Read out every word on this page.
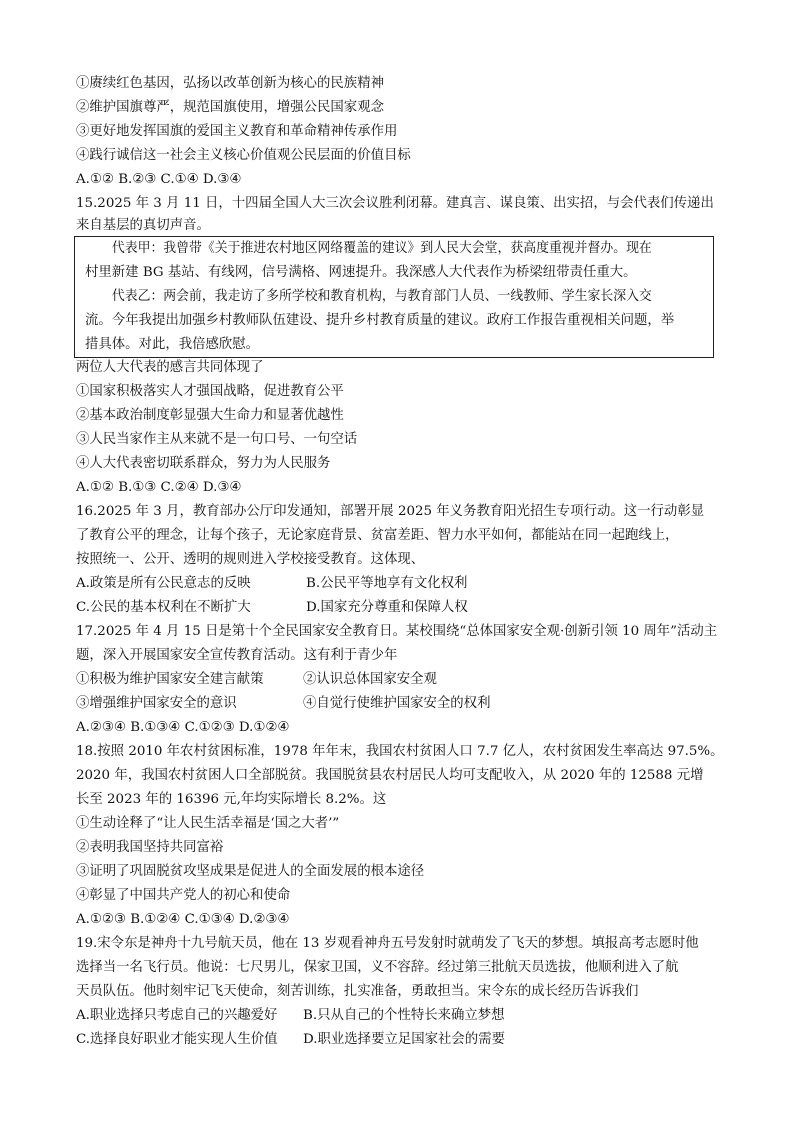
①赓续红色基因，弘扬以改革创新为核心的民族精神
②维护国旗尊严，规范国旗使用，增强公民国家观念
③更好地发挥国旗的爱国主义教育和革命精神传承作用
④践行诚信这一社会主义核心价值观公民层面的价值目标
A.①② B.②③ C.①④ D.③④
15.2025 年 3 月 11 日，十四届全国人大三次会议胜利闭幕。建真言、谋良策、出实招，与会代表们传递出
来自基层的真切声音。
代表甲：我曾带《关于推进农村地区网络覆盖的建议》到人民大会堂，获高度重视并督办。现在
村里新建 BG 基站、有线网，信号满格、网速提升。我深感人大代表作为桥梁纽带责任重大。
代表乙：两会前，我走访了多所学校和教育机构，与教育部门人员、一线教师、学生家长深入交
流。今年我提出加强乡村教师队伍建设、提升乡村教育质量的建议。政府工作报告重视相关问题，举
措具体。对此，我倍感欣慰。
两位人大代表的感言共同体现了
①国家积极落实人才强国战略，促进教育公平
②基本政治制度彰显强大生命力和显著优越性
③人民当家作主从来就不是一句口号、一句空话
④人大代表密切联系群众，努力为人民服务
A.①② B.①③ C.②④ D.③④
16.2025 年 3 月，教育部办公厅印发通知，部署开展 2025 年义务教育阳光招生专项行动。这一行动彰显
了教育公平的理念，让每个孩子，无论家庭背景、贫富差距、智力水平如何，都能站在同一起跑线上，
按照统一、公开、透明的规则进入学校接受教育。这体现、
A.政策是所有公民意志的反映	B.公民平等地享有文化权利
C.公民的基本权利在不断扩大	D.国家充分尊重和保障人权
17.2025 年 4 月 15 日是第十个全民国家安全教育日。某校围绕“总体国家安全观·创新引领 10 周年”活动主
题，深入开展国家安全宣传教育活动。这有利于青少年
①积极为维护国家安全建言献策	②认识总体国家安全观
③增强维护国家安全的意识	④自觉行使维护国家安全的权利
A.②③④ B.①③④ C.①②③ D.①②④
18.按照 2010 年农村贫困标准，1978 年年末，我国农村贫困人口 7.7 亿人，农村贫困发生率高达 97.5%。
2020 年，我国农村贫困人口全部脱贫。我国脱贫县农村居民人均可支配收入，从 2020 年的 12588 元增
长至 2023 年的 16396 元,年均实际增长 8.2%。这
①生动诠释了“让人民生活幸福是‘国之大者’”
②表明我国坚持共同富裕
③证明了巩固脱贫攻坚成果是促进人的全面发展的根本途径
④彰显了中国共产党人的初心和使命
A.①②③ B.①②④ C.①③④ D.②③④
19.宋令东是神舟十九号航天员，他在 13 岁观看神舟五号发射时就萌发了飞天的梦想。填报高考志愿时他
选择当一名飞行员。他说：七尺男儿，保家卫国，义不容辞。经过第三批航天员选拔，他顺利进入了航
天员队伍。他时刻牢记飞天使命，刻苦训练，扎实准备，勇敢担当。宋令东的成长经历告诉我们
A.职业选择只考虑自己的兴趣爱好 B.只从自己的个性特长来确立梦想
C.选择良好职业才能实现人生价值 D.职业选择要立足国家社会的需要
